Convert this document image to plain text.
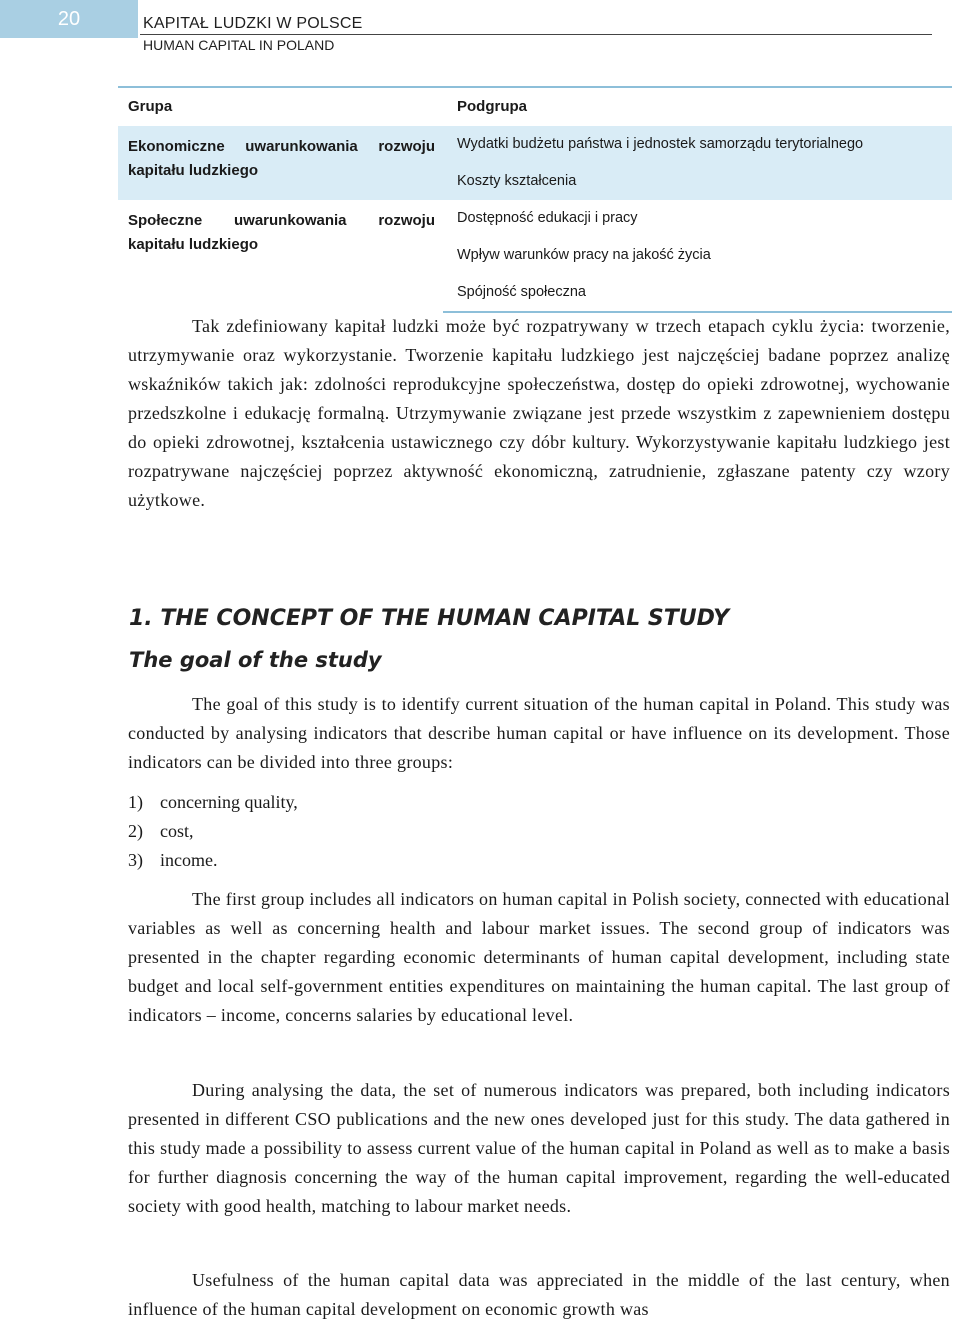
20	KAPITAŁ LUDZKI W POLSCE
HUMAN CAPITAL IN POLAND
Grupa	Podgrupa
Ekonomiczne uwarunkowania rozwoju kapitału ludzkiego	Wydatki budżetu państwa i jednostek samorządu terytorialnego
	Koszty kształcenia
Społeczne uwarunkowania rozwoju kapitału ludzkiego	Dostępność edukacji i pracy
	Wpływ warunków pracy na jakość życia
	Spójność społeczna

Tak zdefiniowany kapitał ludzki może być rozpatrywany w trzech etapach cyklu życia: tworzenie, utrzymywanie oraz wykorzystanie. Tworzenie kapitału ludzkiego jest najczęściej badane poprzez analizę wskaźników takich jak: zdolności reprodukcyjne społeczeństwa, dostęp do opieki zdrowotnej, wychowanie przedszkolne i edukację formalną. Utrzymywanie związane jest przede wszystkim z zapewnieniem dostępu do opieki zdrowotnej, kształcenia ustawicznego czy dóbr kultury. Wykorzystywanie kapitału ludzkiego jest rozpatrywane najczęściej poprzez aktywność ekonomiczną, zatrudnienie, zgłaszane patenty czy wzory użytkowe.

1. THE CONCEPT OF THE HUMAN CAPITAL STUDY
The goal of the study

The goal of this study is to identify current situation of the human capital in Poland. This study was conducted by analysing indicators that describe human capital or have influence on its development. Those indicators can be divided into three groups:

1) concerning quality,
2) cost,
3) income.

The first group includes all indicators on human capital in Polish society, connected with educational variables as well as concerning health and labour market issues. The second group of indicators was presented in the chapter regarding economic determinants of human capital development, including state budget and local self-government entities expenditures on maintaining the human capital. The last group of indicators – income, concerns salaries by educational level.

During analysing the data, the set of numerous indicators was prepared, both including indicators presented in different CSO publications and the new ones developed just for this study. The data gathered in this study made a possibility to assess current value of the human capital in Poland as well as to make a basis for further diagnosis concerning the way of the human capital improvement, regarding the well-educated society with good health, matching to labour market needs.

Usefulness of the human capital data was appreciated in the middle of the last century, when influence of the human capital development on economic growth was
